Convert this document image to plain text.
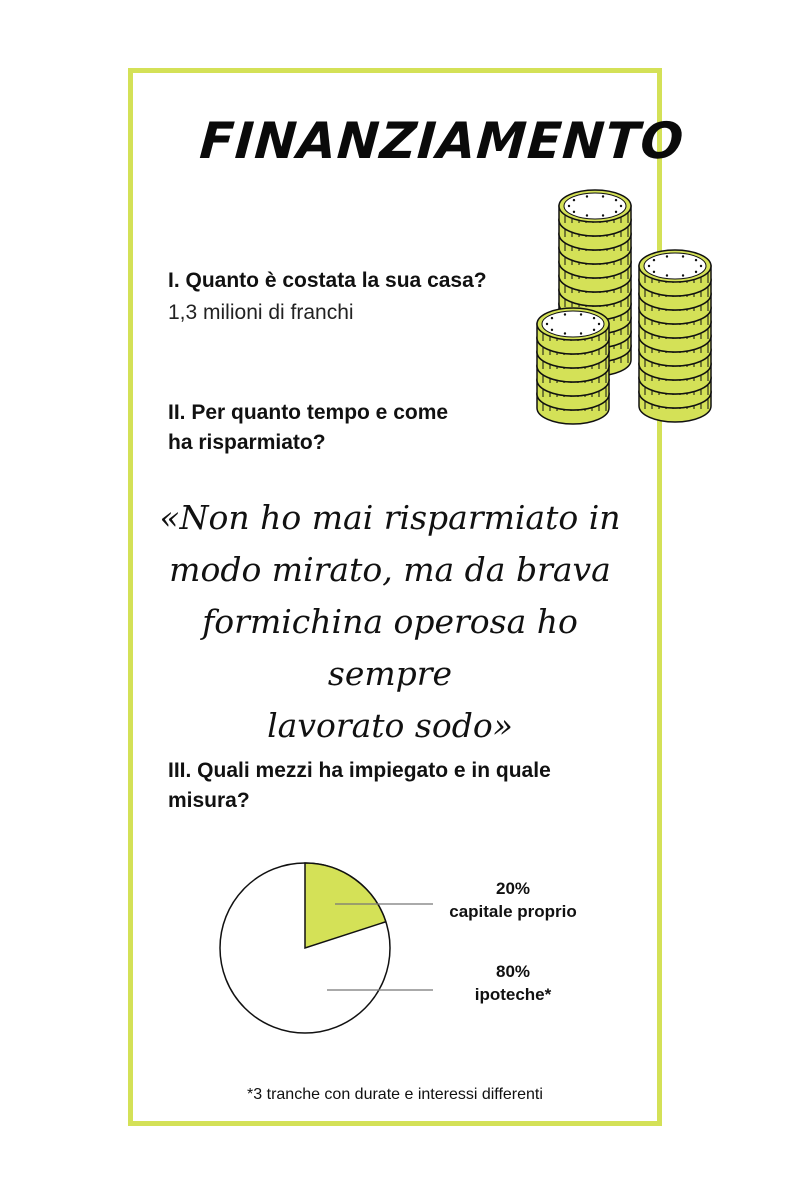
FINANZIAMENTO
I. Quanto è costata la sua casa?
1,3 milioni di franchi
II. Per quanto tempo e come
ha risparmiato?
«Non ho mai risparmiato in
modo mirato, ma da brava
formichina operosa ho sempre
lavorato sodo»
III. Quali mezzi ha impiegato e in quale
misura?
20%
capitale proprio
80%
ipoteche*
*3 tranche con durate e interessi differenti
